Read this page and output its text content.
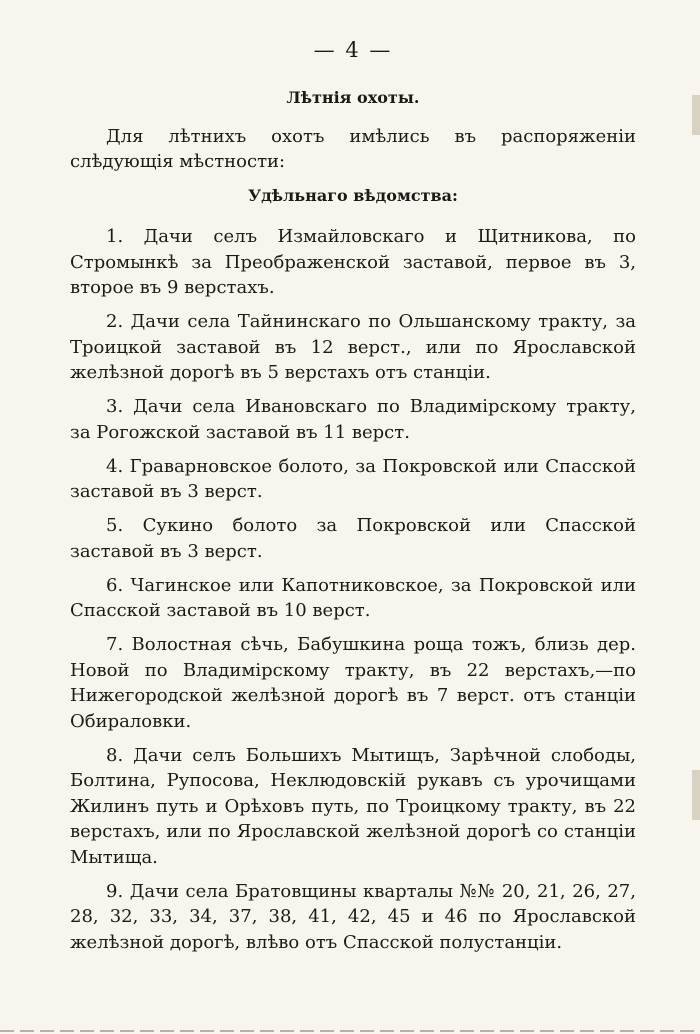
— 4 —
Лѣтнія охоты.

Для лѣтнихъ охотъ имѣлись въ распоряженіи слѣдующія мѣстности:

Удѣльнаго вѣдомства:

1. Дачи селъ Измайловскаго и Щитникова, по Стромынкѣ за Преображенской заставой, первое въ 3, второе въ 9 верстахъ.

2. Дачи села Тайнинскаго по Ольшанскому тракту, за Троицкой заставой въ 12 верст., или по Ярославской желѣзной дорогѣ въ 5 верстахъ отъ станціи.

3. Дачи села Ивановскаго по Владимірскому тракту, за Рогожской заставой въ 11 верст.

4. Граварновское болото, за Покровской или Спасской заставой въ 3 верст.

5. Сукино болото за Покровской или Спасской заставой въ 3 верст.

6. Чагинское или Капотниковское, за Покровской или Спасской заставой въ 10 верст.

7. Волостная сѣчь, Бабушкина роща тожъ, близь дер. Новой по Владимірскому тракту, въ 22 верстахъ,—по Нижегородской желѣзной дорогѣ въ 7 верст. отъ станціи Обираловки.

8. Дачи селъ Большихъ Мытищъ, Зарѣчной слободы, Болтина, Рупосова, Неклюдовскій рукавъ съ урочищами Жилинъ путь и Орѣховъ путь, по Троицкому тракту, въ 22 верстахъ, или по Ярославской желѣзной дорогѣ со станціи Мытища.

9. Дачи села Братовщины кварталы №№ 20, 21, 26, 27, 28, 32, 33, 34, 37, 38, 41, 42, 45 и 46 по Ярославской желѣзной дорогѣ, влѣво отъ Спасской полустанціи.
